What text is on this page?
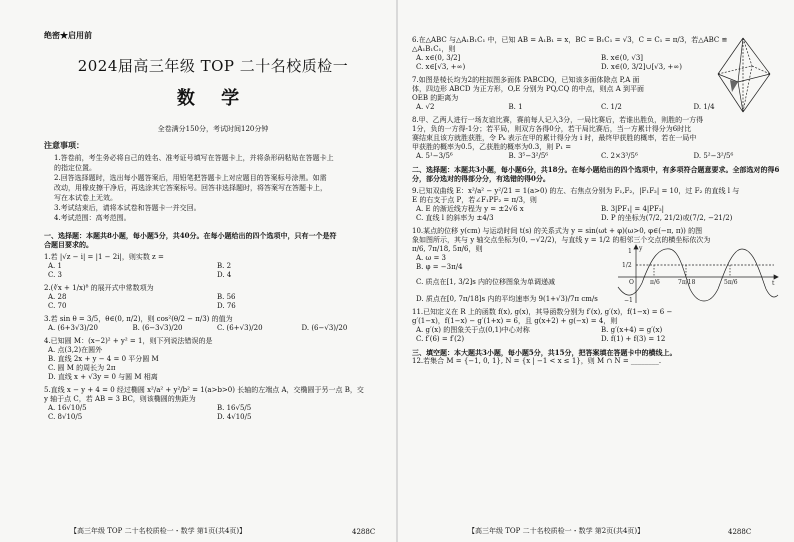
绝密★启用前
2024届高三年级 TOP 二十名校质检一
数 学
全卷满分150分，考试时间120分钟
注意事项：
1.答卷前，考生务必将自己的姓名、准考证号填写在答题卡上，并将条形码粘贴在答题卡上
的指定位置。
2.回答选择题时，选出每小题答案后，用铅笔把答题卡上对应题目的答案标号涂黑。如需
改动，用橡皮擦干净后，再选涂其它答案标号。回答非选择题时，将答案写在答题卡上，
写在本试卷上无效。
3.考试结束后，请将本试卷和答题卡一并交回。
4.考试范围：高考范围。
一、选择题：本题共8小题，每小题5分，共40分。在每小题给出的四个选项中，只有一个是符
合题目要求的。
1.若 |√z − i| = |1 − 2i|，则实数 z =
A. 1	B. 2
C. 3	D. 4
2.(∛x + 1/x)⁸ 的展开式中常数项为
A. 28	B. 56
C. 70	D. 76
3.若 sin θ = 3/5，θ∈(0, π/2)，则 cos²(θ/2 − π/3) 的值为
A. (6+3√3)/20	B. (6−3√3)/20	C. (6+√3)/20	D. (6−√3)/20
4.已知圆 M：(x−2)² + y² = 1，则下列说法错误的是
A. 点(3,2)在圆外
B. 直线 2x + y − 4 = 0 平分圆 M
C. 圆 M 的周长为 2π
D. 直线 x + √3y = 0 与圆 M 相离
5.直线 x − y + 4 = 0 经过椭圆 x²/a² + y²/b² = 1(a>b>0) 长轴的左端点 A，交椭圆于另一点 B，交
y 轴于点 C，若 AB = 3 BC，则该椭圆的焦距为
A. 16√10/5	B. 16√5/5
C. 8√10/5	D. 4√10/5
【高三年级 TOP 二十名校质检一・数学 第1页(共4页)】	4288C
6.在△ABC 与△A₁B₁C₁ 中，已知 AB = A₁B₁ = x，BC = B₁C₁ = √3，C = C₁ = π/3，若△ABC ≌
△A₁B₁C₁，则
A. x∈(0, 3/2]	B. x∈(0, √3]
C. x∈[√3, +∞)	D. x∈(0, 3/2]∪[√3, +∞)
7.如图是棱长均为2的柱拟图多面体 PABCDQ，已知该多面体除点 P,A 面
体，四边形 ABCD 为正方形，O,E 分别为 PQ,CQ 的中点，则点 A 到平面
OEB 的距离为
A. √2	B. 1	C. 1/2	D. 1/4
8.甲、乙两人进行一场友谊比赛，赛前每人记入3分，一局比赛后，若谁出胜负，则胜的一方得
1分，负的一方得-1分；若平局，则双方各得0分，若干局比赛后，当一方累计得分为6时比
赛结束且该方就胜获胜，令 Pₖ 表示在甲的累计得分为 i 时，最终甲获胜的概率，若在一局中
甲获胜的概率为0.5，乙获胜的概率为0.3，则 P₁ =
A. 5¹−3/5⁶	B. 3⁵−3²/5⁶	C. 2×3³/5⁶	D. 5²−3²/5⁶
二、选择题：本题共3小题，每小题6分，共18分。在每小题给出的四个选项中，有多项符合题意要求。全部选对的得6分，部分选对的得部分分，有选错的得0分。
9.已知双曲线 E：x²/a² − y²/21 = 1(a>0) 的左、右焦点分别为 F₁,F₂，|F₁F₂| = 10，过 F₂ 的直线 l 与
E 的右支于点 P，若∠F₁PF₂ = π/3，则
A. E 的渐近线方程为 y = ±2√6 x	B. 3|PF₁| = 4|PF₂|
C. 直线 l 的斜率为 ±4/3	D. P 的坐标为(7/2, 21/2)或(7/2, −21/2)
10.某点的位移 y(cm) 与运动时间 t(s) 的关系式为 y = sin(ωt + φ)(ω>0, φ∈(−π, π)) 的图
象如图所示，其与 y 轴交点坐标为(0, −√2/2)，与直线 y = 1/2 的相邻三个交点的横坐标依次为
π/6, 7π/18, 5π/6，则
A. ω = 3
B. φ = −3π/4
C. 质点在[1, 3/2]s 内的位移图象为单调递减
y
1
1/2
O	π/6	7π/18	5π/6	t
−1
D. 质点在[0, 7π/18]s 内的平均速率为 9(1+√3)/7π cm/s
11.已知定义在 R 上的函数 f(x), g(x)，其导函数分别为 f′(x), g′(x)，f(1−x) = 6 −
g′(1−x)，f(1−x) − g′(1+x) = 6，且 g(x+2) + g(−x) = 4，则
A. g′(x) 的图象关于点(0,1)中心对称	B. g′(x+4) = g′(x)
C. f′(6) = f′(2)	D. f(1) + f(3) = 12
三、填空题：本大题共3小题，每小题5分，共15分，把答案填在答题卡中的横线上。
12.若集合 M = {−1, 0, 1}, N = {x | −1 < x ≤ 1}，则 M ∩ N = ________.
【高三年级 TOP 二十名校质检一・数学 第2页(共4页)】	4288C
